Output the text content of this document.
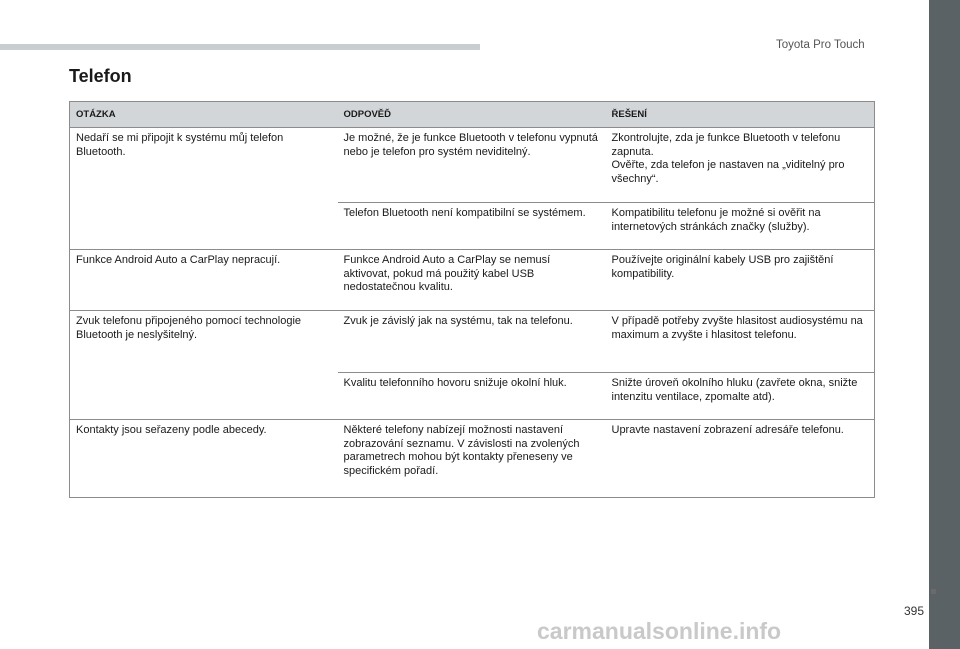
Toyota Pro Touch
Telefon
OTÁZKA	ODPOVĚĎ	ŘEŠENÍ
Nedaří se mi připojit k systému můj telefon Bluetooth.	Je možné, že je funkce Bluetooth v telefonu vypnutá nebo je telefon pro systém neviditelný.	Zkontrolujte, zda je funkce Bluetooth v telefonu zapnuta.
Ověřte, zda telefon je nastaven na „viditelný pro všechny“.
	Telefon Bluetooth není kompatibilní se systémem.	Kompatibilitu telefonu je možné si ověřit na internetových stránkách značky (služby).
Funkce Android Auto a CarPlay nepracují.	Funkce Android Auto a CarPlay se nemusí aktivovat, pokud má použitý kabel USB nedostatečnou kvalitu.	Používejte originální kabely USB pro zajištění kompatibility.
Zvuk telefonu připojeného pomocí technologie Bluetooth je neslyšitelný.	Zvuk je závislý jak na systému, tak na telefonu.	V případě potřeby zvyšte hlasitost audiosystému na maximum a zvyšte i hlasitost telefonu.
	Kvalitu telefonního hovoru snižuje okolní hluk.	Snižte úroveň okolního hluku (zavřete okna, snižte intenzitu ventilace, zpomalte atd).
Kontakty jsou seřazeny podle abecedy.	Některé telefony nabízejí možnosti nastavení zobrazování seznamu. V závislosti na zvolených parametrech mohou být kontakty přeneseny ve specifickém pořadí.	Upravte nastavení zobrazení adresáře telefonu.
395
carmanualsonline.info
